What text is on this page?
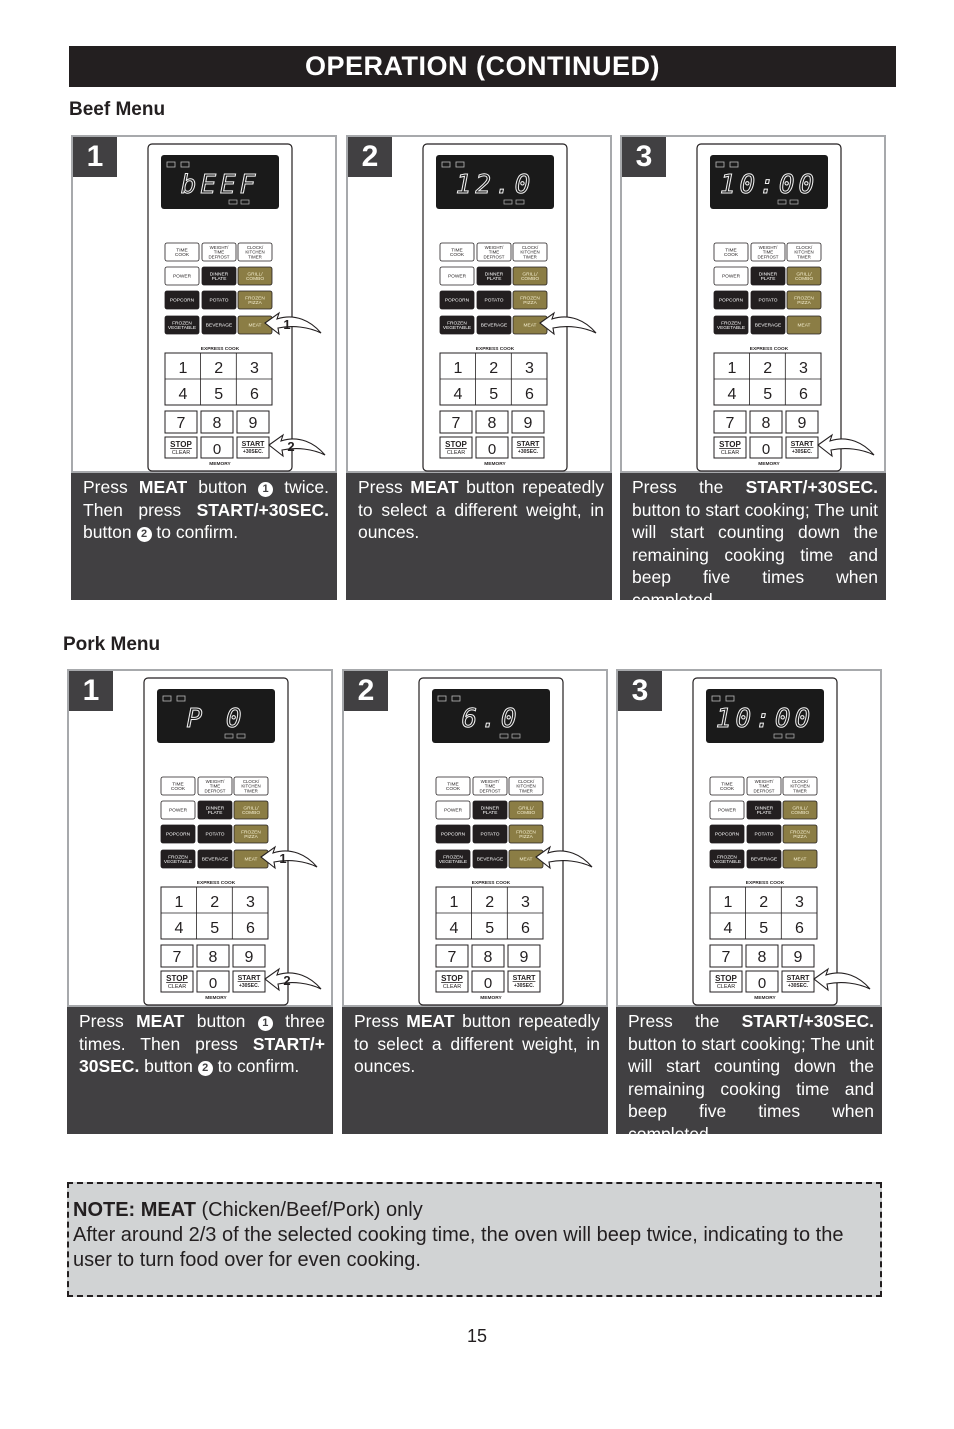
OPERATION (CONTINUED)
Beef Menu
1
bEEF
TIME
COOK
WEIGHT/
TIME
DEFROST
CLOCK/
KITCHEN
TIMER
POWER	DINNER
PLATE
GRILL/
COMBO
POPCORN	POTATO	FROZEN
PIZZA
FROZEN
VEGETABLE BEVERAGE	MEAT
EXPRESS COOK
1 2 3
4 5 6
7 8 9
STOP
CLEAR 0	START
+30SEC.
MEMORY
1
2
Press MEAT button 1 twice. Then press START/+30SEC. button 2 to confirm.
2
12.0
TIME
COOK
WEIGHT/
TIME
DEFROST
CLOCK/
KITCHEN
TIMER
POWER	DINNER
PLATE
GRILL/
COMBO
POPCORN	POTATO	FROZEN
PIZZA
FROZEN
VEGETABLE BEVERAGE	MEAT
EXPRESS COOK
1 2 3
4 5 6
7 8 9
STOP
CLEAR 0	START
+30SEC.
MEMORY
Press MEAT button repeatedly to select a different weight, in ounces.
3
10:00
TIME
COOK
WEIGHT/
TIME
DEFROST
CLOCK/
KITCHEN
TIMER
POWER	DINNER
PLATE
GRILL/
COMBO
POPCORN	POTATO	FROZEN
PIZZA
FROZEN
VEGETABLE BEVERAGE	MEAT
EXPRESS COOK
1 2 3
4 5 6
7 8 9
STOP
CLEAR 0	START
+30SEC.
MEMORY
Press the START/+30SEC. button to start cooking; The unit will start counting down the remaining cooking time and beep five times when completed.
Pork Menu
1
P 0
TIME
COOK
WEIGHT/
TIME
DEFROST
CLOCK/
KITCHEN
TIMER
POWER	DINNER
PLATE
GRILL/
COMBO
POPCORN	POTATO	FROZEN
PIZZA
FROZEN
VEGETABLE BEVERAGE	MEAT
EXPRESS COOK
1 2 3
4 5 6
7 8 9
STOP
CLEAR 0	START
+30SEC.
MEMORY
1
2
Press MEAT button 1 three times. Then press START/+ 30SEC. button 2 to confirm.
2
6.0
TIME
COOK
WEIGHT/
TIME
DEFROST
CLOCK/
KITCHEN
TIMER
POWER	DINNER
PLATE
GRILL/
COMBO
POPCORN	POTATO	FROZEN
PIZZA
FROZEN
VEGETABLE BEVERAGE	MEAT
EXPRESS COOK
1 2 3
4 5 6
7 8 9
STOP
CLEAR 0	START
+30SEC.
MEMORY
Press MEAT button repeatedly to select a different weight, in ounces.
3
10:00
TIME
COOK
WEIGHT/
TIME
DEFROST
CLOCK/
KITCHEN
TIMER
POWER	DINNER
PLATE
GRILL/
COMBO
POPCORN	POTATO	FROZEN
PIZZA
FROZEN
VEGETABLE BEVERAGE	MEAT
EXPRESS COOK
1 2 3
4 5 6
7 8 9
STOP
CLEAR 0	START
+30SEC.
MEMORY
Press the START/+30SEC. button to start cooking; The unit will start counting down the remaining cooking time and beep five times when completed.

NOTE: MEAT (Chicken/Beef/Pork) only

After around 2/3 of the selected cooking time, the oven will beep twice, indicating to the user to turn food over for even cooking.

15
